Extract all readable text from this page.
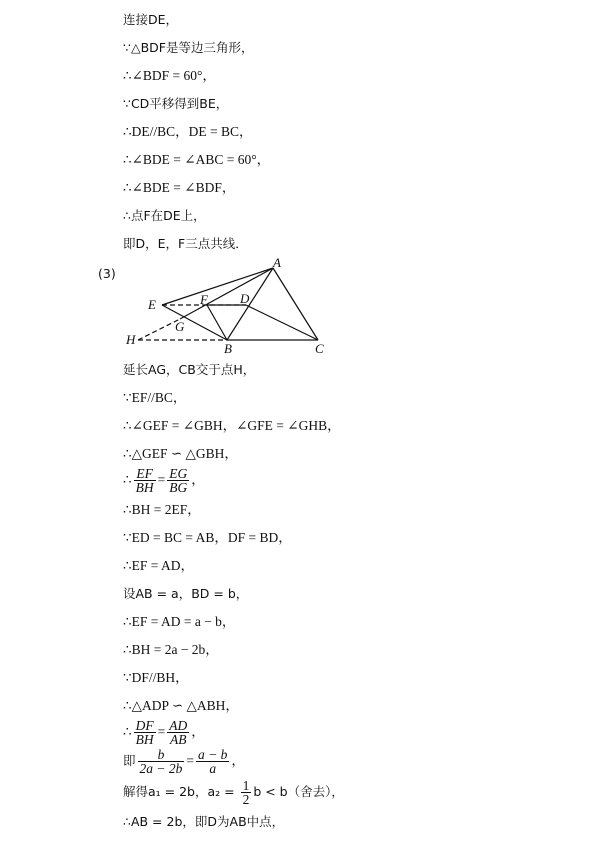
连接DE，
∵△BDF是等边三角形，
∴∠BDF = 60°，
∵CD平移得到BE，
∴DE//BC，DE = BC，
∴∠BDE = ∠ABC = 60°，
∴∠BDE = ∠BDF，
∴点F在DE上，
即D，E，F三点共线．
(3)
A
B	C
D
E	F
G
H
延长AG，CB交于点H，
∵EF//BC，
∴∠GEF = ∠GBH，∠GFE = ∠GHB，
∴△GEF ∽ △GBH，
∴ $\frac{EF}{BH} = \frac{EG}{BG}$ ，
∴BH = 2EF，
∵ED = BC = AB，DF = BD，
∴EF = AD，
设AB = a，BD = b，
∴EF = AD = a − b，
∴BH = 2a − 2b，
∵DF//BH，
∴△ADP ∽ △ABH，
∴ $\frac{DF}{BH} = \frac{AD}{AB}$ ，
即 $\frac{b}{2a - 2b} = \frac{a - b}{a}$ ，
解得a₁ = 2b，$a_2 = \frac{1}{2}$ b < b（舍去），
∴AB = 2b，即D为AB中点，
